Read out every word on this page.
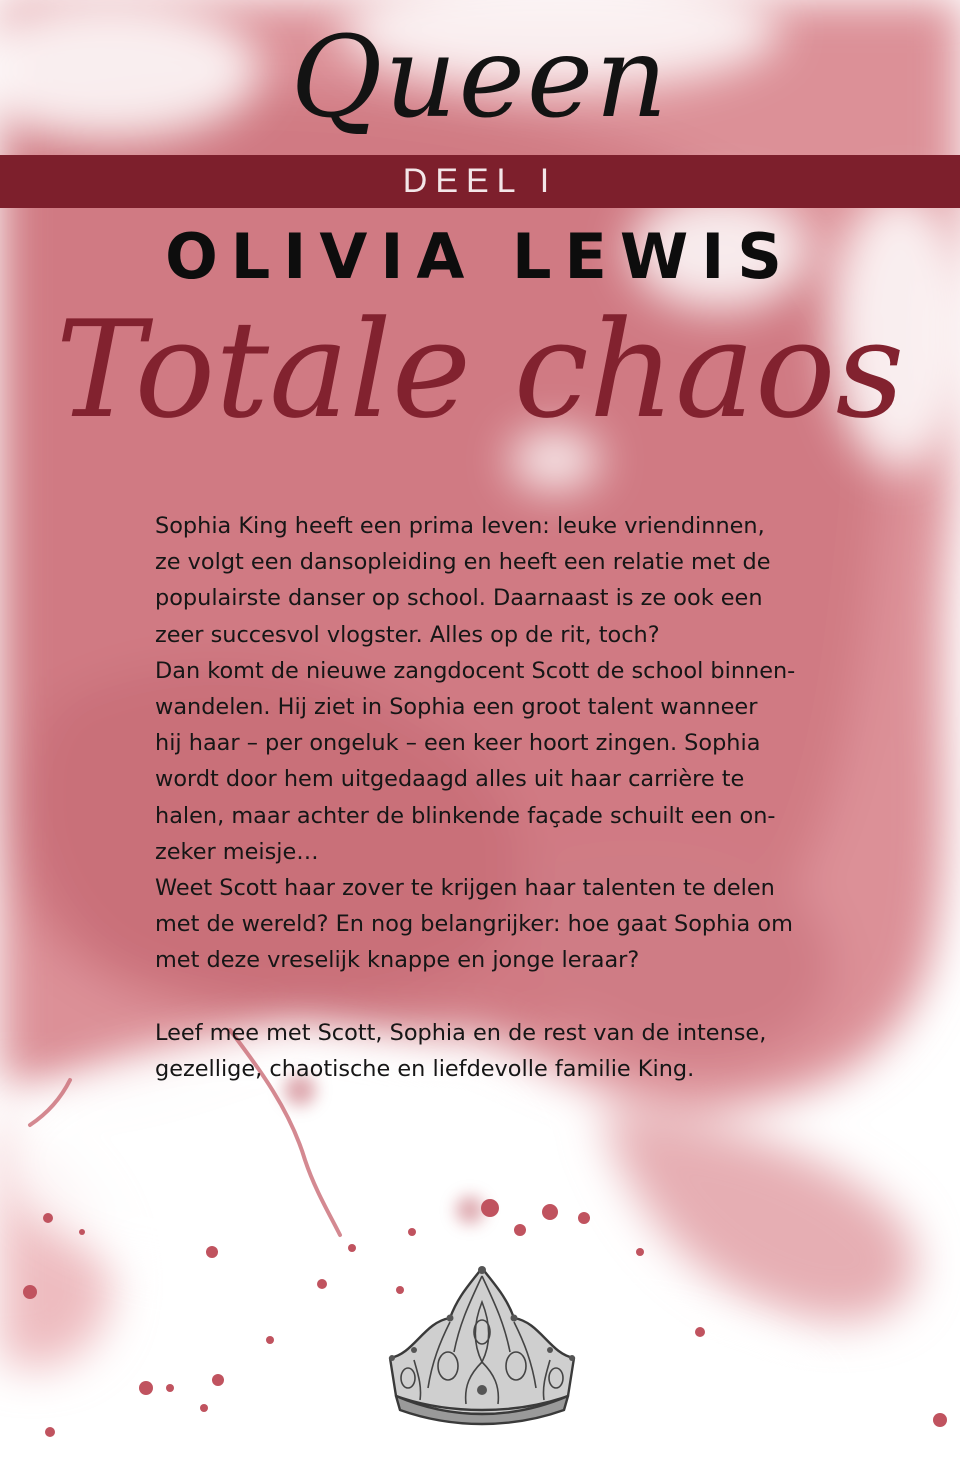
Queen
DEEL I
OLIVIA LEWIS
Totale chaos

Sophia King heeft een prima leven: leuke vriendinnen,

ze volgt een dansopleiding en heeft een relatie met de

populairste danser op school. Daarnaast is ze ook een

zeer succesvol vlogster. Alles op de rit, toch?

Dan komt de nieuwe zangdocent Scott de school binnen-

wandelen. Hij ziet in Sophia een groot talent wanneer

hij haar – per ongeluk – een keer hoort zingen. Sophia

wordt door hem uitgedaagd alles uit haar carrière te

halen, maar achter de blinkende façade schuilt een on-

zeker meisje…

Weet Scott haar zover te krijgen haar talenten te delen

met de wereld? En nog belangrijker: hoe gaat Sophia om

met deze vreselijk knappe en jonge leraar?

Leef mee met Scott, Sophia en de rest van de intense,

gezellige, chaotische en liefdevolle familie King.
